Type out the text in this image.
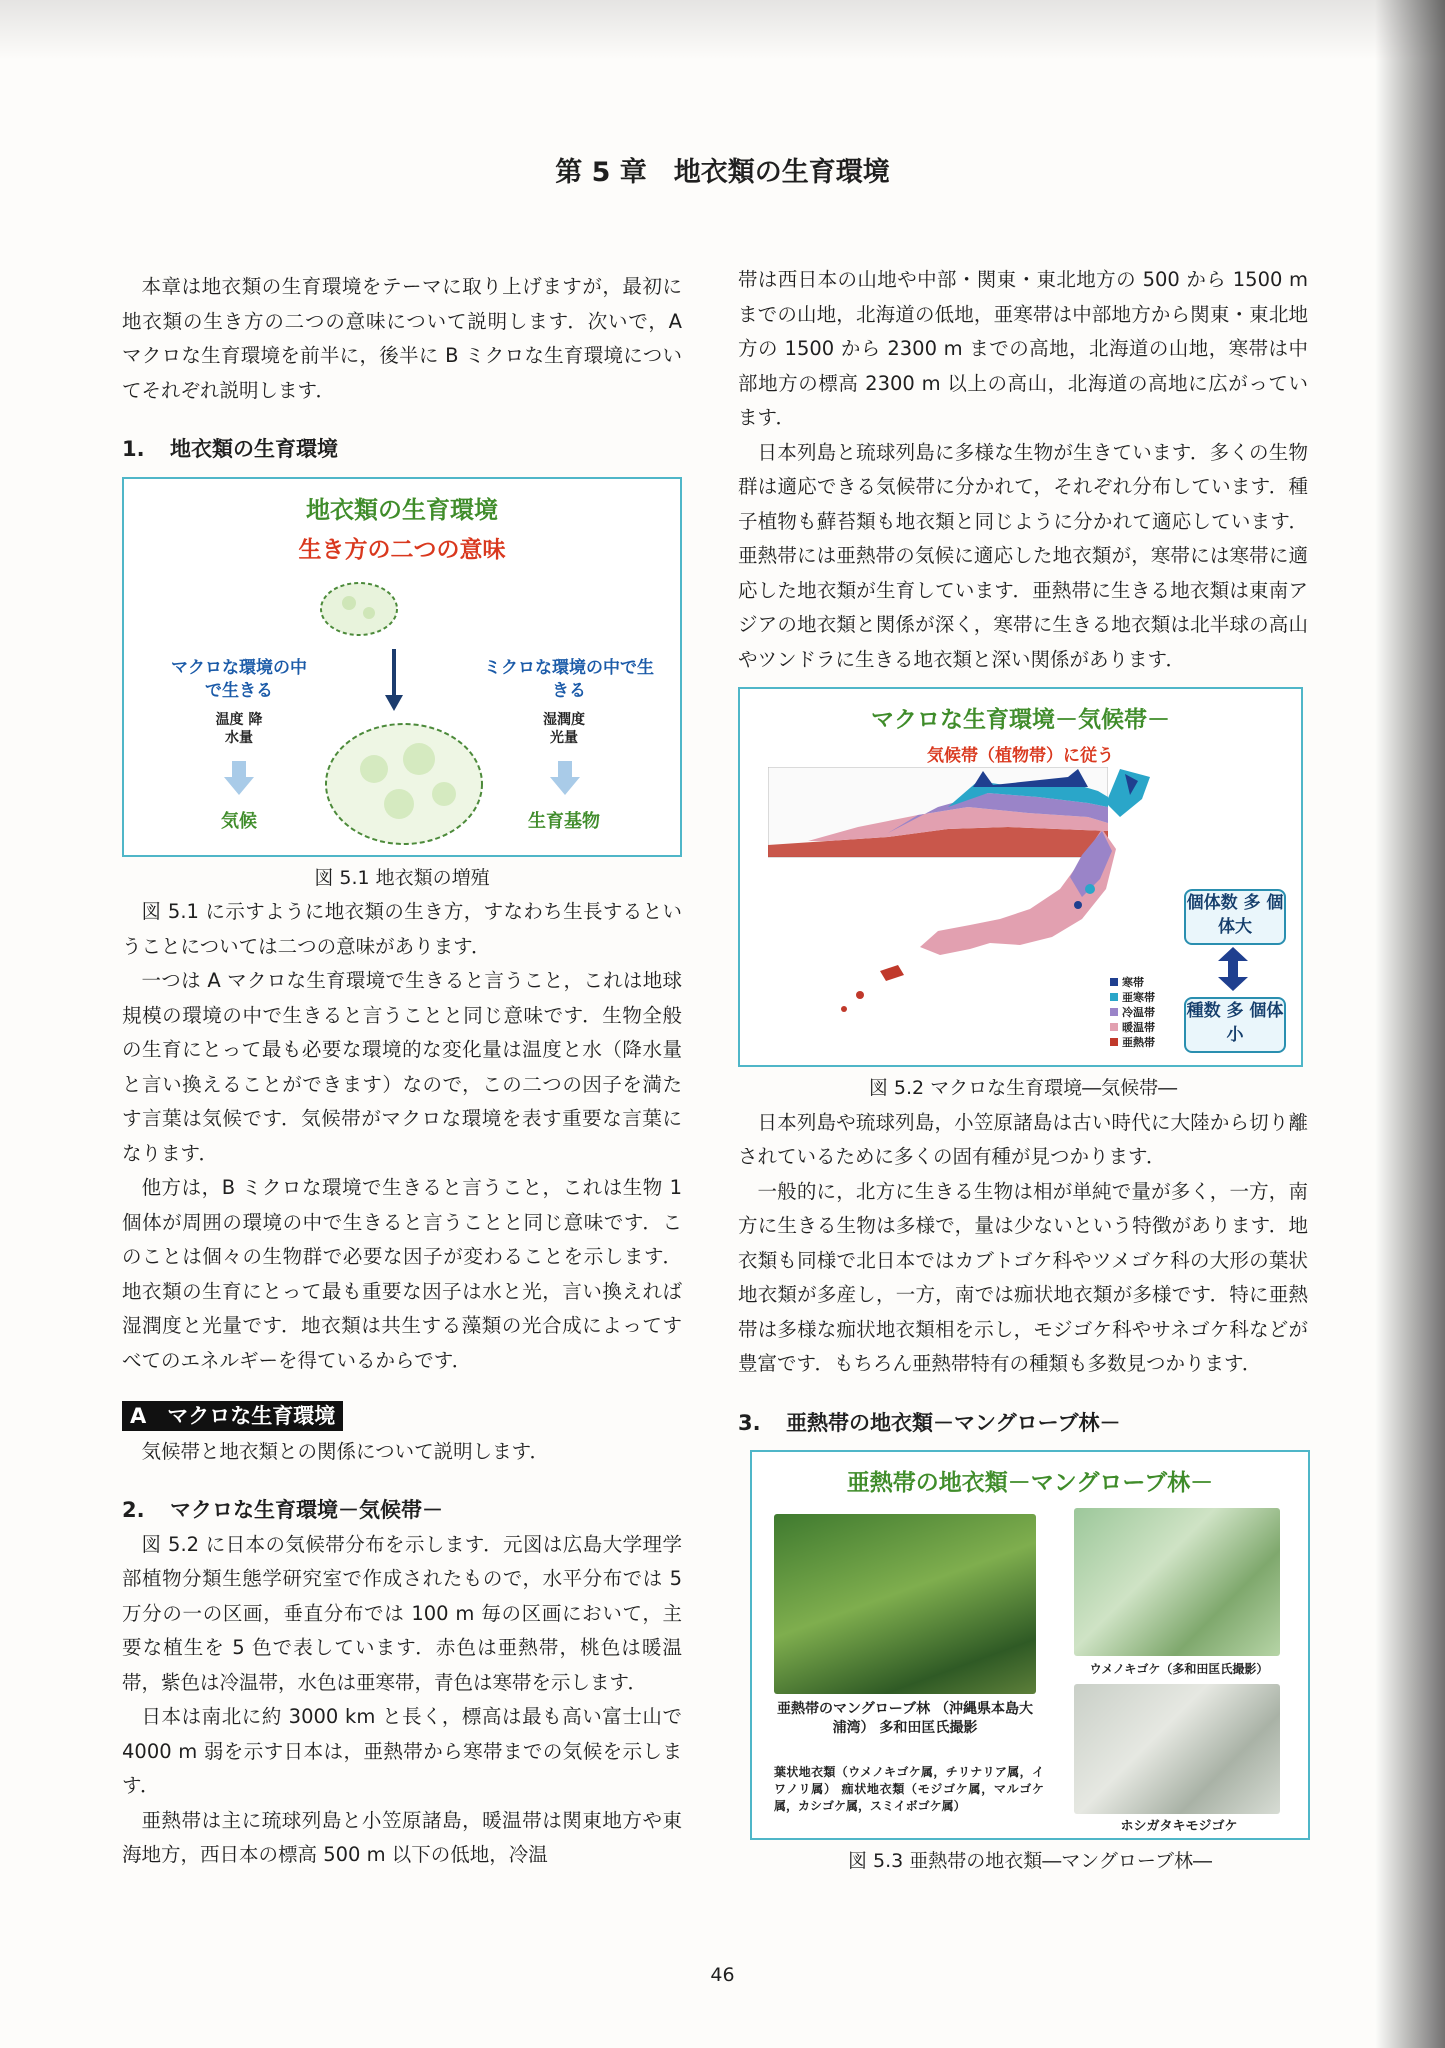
第 5 章　地衣類の生育環境

本章は地衣類の生育環境をテーマに取り上げますが，最初に地衣類の生き方の二つの意味について説明します．次いで，A マクロな生育環境を前半に，後半に B ミクロな生育環境についてそれぞれ説明します．

1. 地衣類の生育環境

地衣類の生育環境
生き方の二つの意味
マクロな環境の中で生きる
温度 降水量
気候
ミクロな環境の中で生きる
湿潤度 光量
生育基物
図 5.1 地衣類の増殖

図 5.1 に示すように地衣類の生き方，すなわち生長するということについては二つの意味があります．

一つは A マクロな生育環境で生きると言うこと，これは地球規模の環境の中で生きると言うことと同じ意味です．生物全般の生育にとって最も必要な環境的な変化量は温度と水（降水量と言い換えることができます）なので，この二つの因子を満たす言葉は気候です．気候帯がマクロな環境を表す重要な言葉になります．

他方は，B ミクロな環境で生きると言うこと，これは生物 1 個体が周囲の環境の中で生きると言うことと同じ意味です．このことは個々の生物群で必要な因子が変わることを示します．地衣類の生育にとって最も重要な因子は水と光，言い換えれば湿潤度と光量です．地衣類は共生する藻類の光合成によってすべてのエネルギーを得ているからです．

A　マクロな生育環境

気候帯と地衣類との関係について説明します．

2. マクロな生育環境－気候帯－

図 5.2 に日本の気候帯分布を示します．元図は広島大学理学部植物分類生態学研究室で作成されたもので，水平分布では 5 万分の一の区画，垂直分布では 100 m 毎の区画において，主要な植生を 5 色で表しています．赤色は亜熱帯，桃色は暖温帯，紫色は冷温帯，水色は亜寒帯，青色は寒帯を示します．

日本は南北に約 3000 km と長く，標高は最も高い富士山で 4000 m 弱を示す日本は，亜熱帯から寒帯までの気候を示します．

亜熱帯は主に琉球列島と小笠原諸島，暖温帯は関東地方や東海地方，西日本の標高 500 m 以下の低地，冷温

帯は西日本の山地や中部・関東・東北地方の 500 から 1500 m までの山地，北海道の低地，亜寒帯は中部地方から関東・東北地方の 1500 から 2300 m までの高地，北海道の山地，寒帯は中部地方の標高 2300 m 以上の高山，北海道の高地に広がっています．

日本列島と琉球列島に多様な生物が生きています．多くの生物群は適応できる気候帯に分かれて，それぞれ分布しています．種子植物も蘚苔類も地衣類と同じように分かれて適応しています．亜熱帯には亜熱帯の気候に適応した地衣類が，寒帯には寒帯に適応した地衣類が生育しています．亜熱帯に生きる地衣類は東南アジアの地衣類と関係が深く，寒帯に生きる地衣類は北半球の高山やツンドラに生きる地衣類と深い関係があります．

マクロな生育環境－気候帯－
気候帯（植物帯）に従う
個体数 多 個体大
種数 多 個体小
寒帯
亜寒帯
冷温帯
暖温帯
亜熱帯
図 5.2 マクロな生育環境―気候帯―

日本列島や琉球列島，小笠原諸島は古い時代に大陸から切り離されているために多くの固有種が見つかります．

一般的に，北方に生きる生物は相が単純で量が多く，一方，南方に生きる生物は多様で，量は少ないという特徴があります．地衣類も同様で北日本ではカブトゴケ科やツメゴケ科の大形の葉状地衣類が多産し，一方，南では痂状地衣類が多様です．特に亜熱帯は多様な痂状地衣類相を示し，モジゴケ科やサネゴケ科などが豊富です．もちろん亜熱帯特有の種類も多数見つかります．

3. 亜熱帯の地衣類－マングローブ林－

亜熱帯の地衣類－マングローブ林－
亜熱帯のマングローブ林 （沖縄県本島大浦湾） 多和田匡氏撮影
葉状地衣類（ウメノキゴケ属，チリナリア属，イワノリ属） 痂状地衣類（モジゴケ属，マルゴケ属，カシゴケ属，スミイボゴケ属）
ウメノキゴケ（多和田匡氏撮影）
ホシガタキモジゴケ
図 5.3 亜熱帯の地衣類―マングローブ林―
46
